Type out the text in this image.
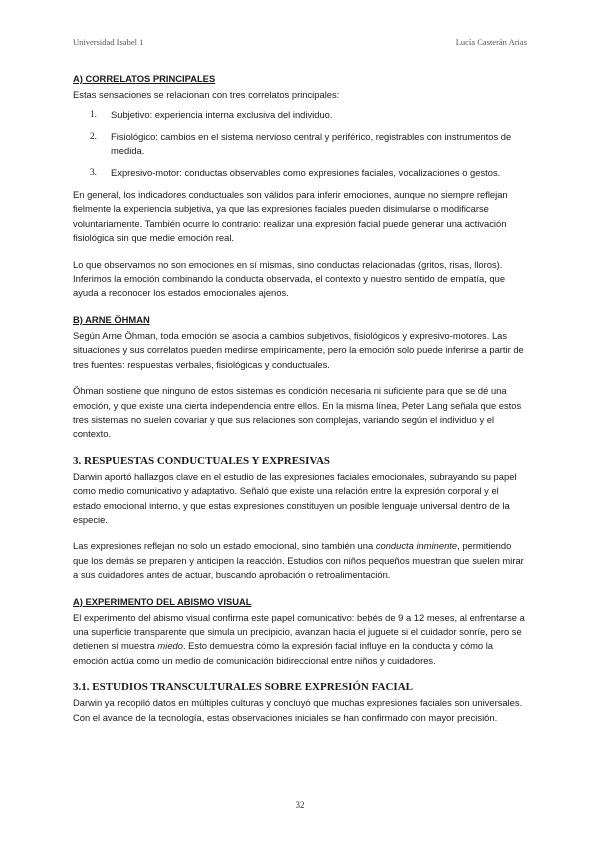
Universidad Isabel 1	Lucía Casterán Arias
A) CORRELATOS PRINCIPALES

Estas sensaciones se relacionan con tres correlatos principales:

1.	Subjetivo: experiencia interna exclusiva del individuo.
2.	Fisiológico: cambios en el sistema nervioso central y periférico, registrables con instrumentos de medida.
3.	Expresivo-motor: conductas observables como expresiones faciales, vocalizaciones o gestos.

En general, los indicadores conductuales son válidos para inferir emociones, aunque no siempre reflejan fielmente la experiencia subjetiva, ya que las expresiones faciales pueden disimularse o modificarse voluntariamente. También ocurre lo contrario: realizar una expresión facial puede generar una activación fisiológica sin que medie emoción real.

Lo que observamos no son emociones en sí mismas, sino conductas relacionadas (gritos, risas, lloros). Inferimos la emoción combinando la conducta observada, el contexto y nuestro sentido de empatía, que ayuda a reconocer los estados emocionales ajenos.

B) ARNE ÖHMAN

Según Arne Öhman, toda emoción se asocia a cambios subjetivos, fisiológicos y expresivo-motores. Las situaciones y sus correlatos pueden medirse empíricamente, pero la emoción solo puede inferirse a partir de tres fuentes: respuestas verbales, fisiológicas y conductuales.

Öhman sostiene que ninguno de estos sistemas es condición necesaria ni suficiente para que se dé una emoción, y que existe una cierta independencia entre ellos. En la misma línea, Peter Lang señala que estos tres sistemas no suelen covariar y que sus relaciones son complejas, variando según el individuo y el contexto.

3. RESPUESTAS CONDUCTUALES Y EXPRESIVAS

Darwin aportó hallazgos clave en el estudio de las expresiones faciales emocionales, subrayando su papel como medio comunicativo y adaptativo. Señaló que existe una relación entre la expresión corporal y el estado emocional interno, y que estas expresiones constituyen un posible lenguaje universal dentro de la especie.

Las expresiones reflejan no solo un estado emocional, sino también una conducta inminente, permitiendo que los demás se preparen y anticipen la reacción. Estudios con niños pequeños muestran que suelen mirar a sus cuidadores antes de actuar, buscando aprobación o retroalimentación.

A) EXPERIMENTO DEL ABISMO VISUAL

El experimento del abismo visual confirma este papel comunicativo: bebés de 9 a 12 meses, al enfrentarse a una superficie transparente que simula un precipicio, avanzan hacia el juguete si el cuidador sonríe, pero se detienen si muestra miedo. Esto demuestra cómo la expresión facial influye en la conducta y cómo la emoción actúa como un medio de comunicación bidireccional entre niños y cuidadores.

3.1. ESTUDIOS TRANSCULTURALES SOBRE EXPRESIÓN FACIAL

Darwin ya recopiló datos en múltiples culturas y concluyó que muchas expresiones faciales son universales. Con el avance de la tecnología, estas observaciones iniciales se han confirmado con mayor precisión.

32
